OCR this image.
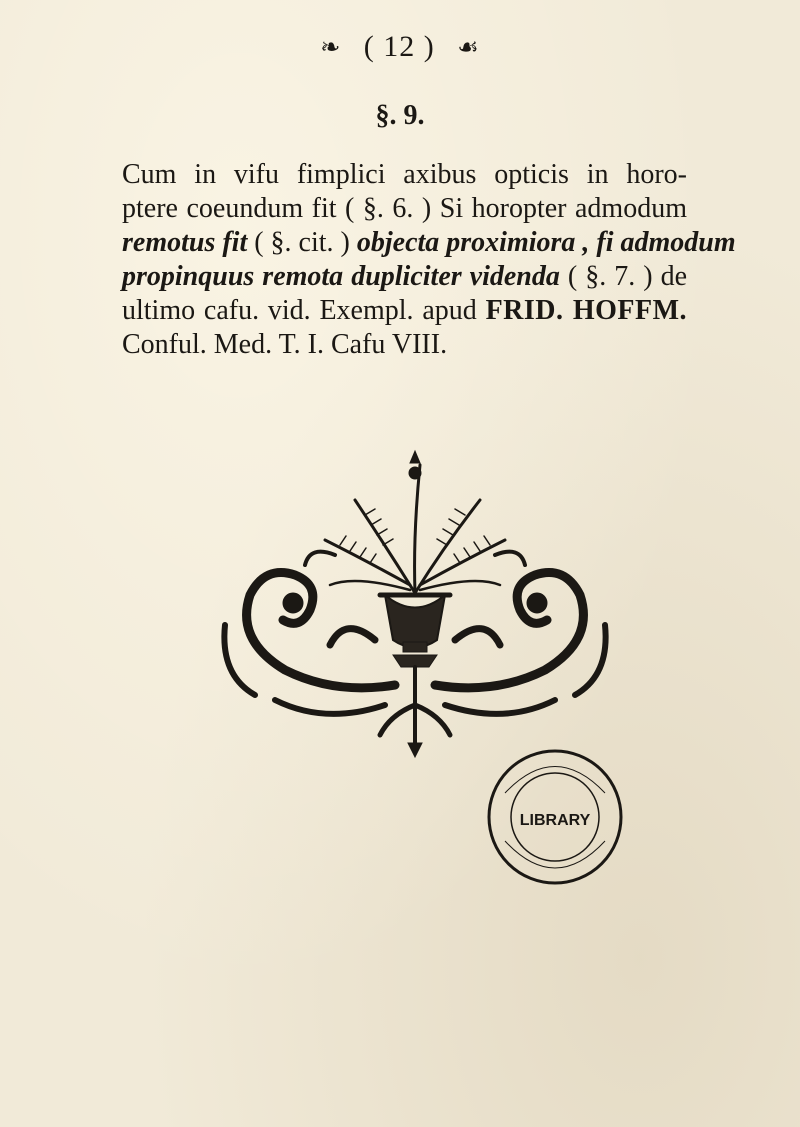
❧ ( 12 ) ☙
§. 9.
Cum in vifu fimplici axibus opticis in horo-
ptere coeundum fit ( §. 6. ) Si horopter admodum
remotus fit ( §. cit. ) objecta proximiora , fi admodum
propinquus remota dupliciter videnda ( §. 7. ) de
ultimo cafu. vid. Exempl. apud FRID. HOFFM.
Conful. Med. T. I. Cafu VIII.
LIBRARY
